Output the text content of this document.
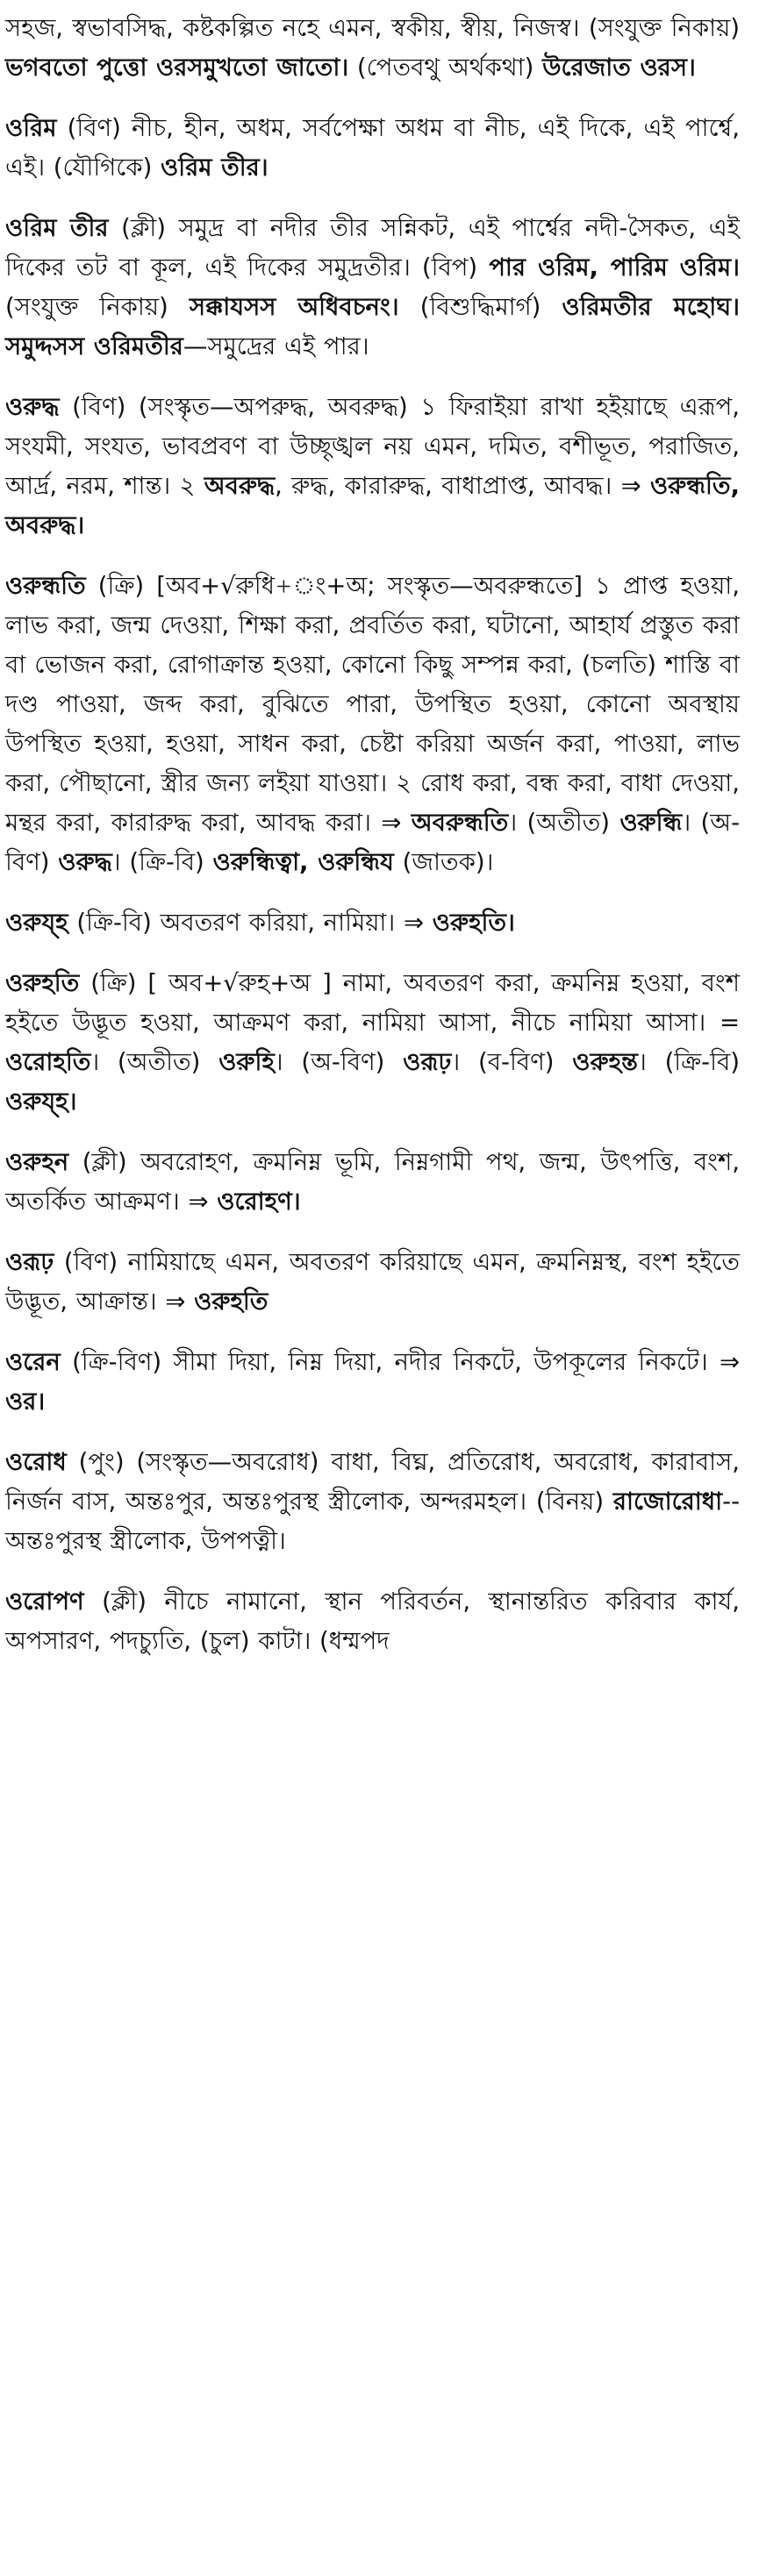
সহজ, স্বভাবসিদ্ধ, কষ্টকল্পিত নহে এমন, স্বকীয়, স্বীয়, নিজস্ব। (সংযুক্ত নিকায়) ভগবতো পুত্তো ওরসমুখতো জাতো। (পেতবথু অর্থকথা) উরেজাত ওরস।

ওরিম (বিণ) নীচ, হীন, অধম, সর্বপেক্ষা অধম বা নীচ, এই দিকে, এই পার্শ্বে, এই। (যৌগিকে) ওরিম তীর।

ওরিম তীর (ক্লী) সমুদ্র বা নদীর তীর সন্নিকট, এই পার্শ্বের নদী-সৈকত, এই দিকের তট বা কূল, এই দিকের সমুদ্রতীর। (বিপ) পার ওরিম, পারিম ওরিম। (সংযুক্ত নিকায়) সক্কাযসস অধিবচনং। (বিশুদ্ধিমার্গ) ওরিমতীর মহোঘ। সমুদ্দসস ওরিমতীর—সমুদ্রের এই পার।

ওরুদ্ধ (বিণ) (সংস্কৃত—অপরুদ্ধ, অবরুদ্ধ) ১ ফিরাইয়া রাখা হইয়াছে এরূপ, সংযমী, সংযত, ভাবপ্রবণ বা উচ্ছৃঙ্খল নয় এমন, দমিত, বশীভূত, পরাজিত, আর্দ্র, নরম, শান্ত। ২ অবরুদ্ধ, রুদ্ধ, কারারুদ্ধ, বাধাপ্রাপ্ত, আবদ্ধ। ⇒ ওরুন্ধতি, অবরুদ্ধ।

ওরুন্ধতি (ক্রি) [অব+√রুধি+ং+অ; সংস্কৃত—অবরুন্ধতে] ১ প্রাপ্ত হওয়া, লাভ করা, জন্ম দেওয়া, শিক্ষা করা, প্রবর্তিত করা, ঘটানো, আহার্য প্রস্তুত করা বা ভোজন করা, রোগাক্রান্ত হওয়া, কোনো কিছু সম্পন্ন করা, (চলতি) শাস্তি বা দণ্ড পাওয়া, জব্দ করা, বুঝিতে পারা, উপস্থিত হওয়া, কোনো অবস্থায় উপস্থিত হওয়া, হওয়া, সাধন করা, চেষ্টা করিয়া অর্জন করা, পাওয়া, লাভ করা, পৌছানো, স্ত্রীর জন্য লইয়া যাওয়া। ২ রোধ করা, বন্ধ করা, বাধা দেওয়া, মন্থর করা, কারারুদ্ধ করা, আবদ্ধ করা। ⇒ অবরুন্ধতি। (অতীত) ওরুন্ধি। (অ-বিণ) ওরুদ্ধ। (ক্রি-বি) ওরুন্ধিত্বা, ওরুন্ধিয (জাতক)।

ওরুয্হ (ক্রি-বি) অবতরণ করিয়া, নামিয়া। ⇒ ওরুহতি।

ওরুহতি (ক্রি) [ অব+√রুহ+অ ] নামা, অবতরণ করা, ক্রমনিম্ন হওয়া, বংশ হইতে উদ্ভূত হওয়া, আক্রমণ করা, নামিয়া আসা, নীচে নামিয়া আসা। = ওরোহতি। (অতীত) ওরুহি। (অ-বিণ) ওরূঢ়। (ব-বিণ) ওরুহন্ত। (ক্রি-বি) ওরুয্হ।

ওরুহন (ক্লী) অবরোহণ, ক্রমনিম্ন ভূমি, নিম্নগামী পথ, জন্ম, উৎপত্তি, বংশ, অতর্কিত আক্রমণ। ⇒ ওরোহণ।

ওরূঢ় (বিণ) নামিয়াছে এমন, অবতরণ করিয়াছে এমন, ক্রমনিম্নস্থ, বংশ হইতে উদ্ভূত, আক্রান্ত। ⇒ ওরুহতি

ওরেন (ক্রি-বিণ) সীমা দিয়া, নিম্ন দিয়া, নদীর নিকটে, উপকূলের নিকটে। ⇒ ওর।

ওরোধ (পুং) (সংস্কৃত—অবরোধ) বাধা, বিঘ্ন, প্রতিরোধ, অবরোধ, কারাবাস, নির্জন বাস, অন্তঃপুর, অন্তঃপুরস্থ স্ত্রীলোক, অন্দরমহল। (বিনয়) রাজোরোধা-- অন্তঃপুরস্থ স্ত্রীলোক, উপপত্নী।

ওরোপণ (ক্লী) নীচে নামানো, স্থান পরিবর্তন, স্থানান্তরিত করিবার কার্য, অপসারণ, পদচ্যুতি, (চুল) কাটা। (ধম্মপদ
